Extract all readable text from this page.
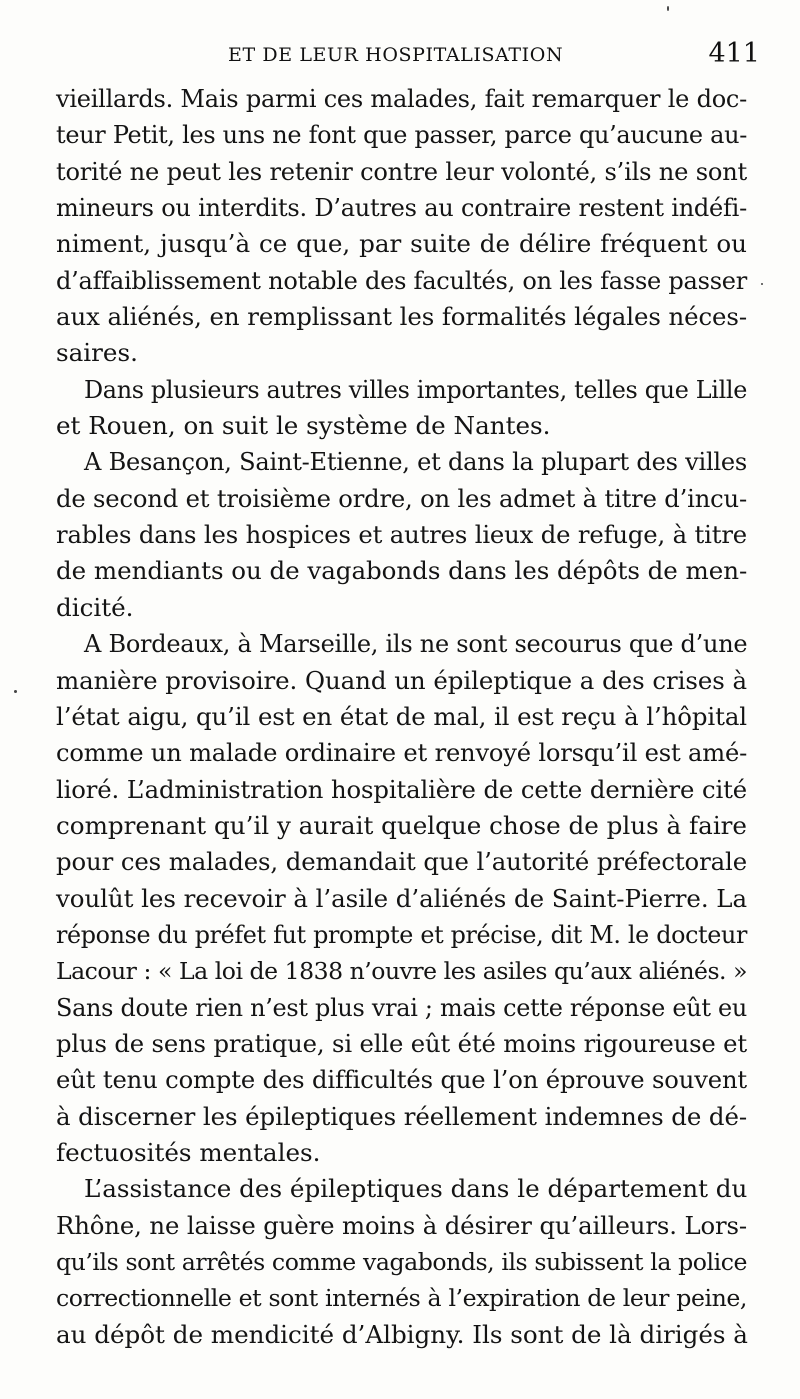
ET DE LEUR HOSPITALISATION	411
vieillards. Mais parmi ces malades, fait remarquer le doc-
teur Petit, les uns ne font que passer, parce qu’aucune au-
torité ne peut les retenir contre leur volonté, s’ils ne sont
mineurs ou interdits. D’autres au contraire restent indéfi-
niment, jusqu’à ce que, par suite de délire fréquent ou
d’affaiblissement notable des facultés, on les fasse passer
aux aliénés, en remplissant les formalités légales néces-
saires.
Dans plusieurs autres villes importantes, telles que Lille
et Rouen, on suit le système de Nantes.
A Besançon, Saint-Etienne, et dans la plupart des villes
de second et troisième ordre, on les admet à titre d’incu-
rables dans les hospices et autres lieux de refuge, à titre
de mendiants ou de vagabonds dans les dépôts de men-
dicité.
A Bordeaux, à Marseille, ils ne sont secourus que d’une
manière provisoire. Quand un épileptique a des crises à
l’état aigu, qu’il est en état de mal, il est reçu à l’hôpital
comme un malade ordinaire et renvoyé lorsqu’il est amé-
lioré. L’administration hospitalière de cette dernière cité
comprenant qu’il y aurait quelque chose de plus à faire
pour ces malades, demandait que l’autorité préfectorale
voulût les recevoir à l’asile d’aliénés de Saint-Pierre. La
réponse du préfet fut prompte et précise, dit M. le docteur
Lacour : « La loi de 1838 n’ouvre les asiles qu’aux aliénés. »
Sans doute rien n’est plus vrai ; mais cette réponse eût eu
plus de sens pratique, si elle eût été moins rigoureuse et
eût tenu compte des difficultés que l’on éprouve souvent
à discerner les épileptiques réellement indemnes de dé-
fectuosités mentales.
L’assistance des épileptiques dans le département du
Rhône, ne laisse guère moins à désirer qu’ailleurs. Lors-
qu’ils sont arrêtés comme vagabonds, ils subissent la police
correctionnelle et sont internés à l’expiration de leur peine,
au dépôt de mendicité d’Albigny. Ils sont de là dirigés à
